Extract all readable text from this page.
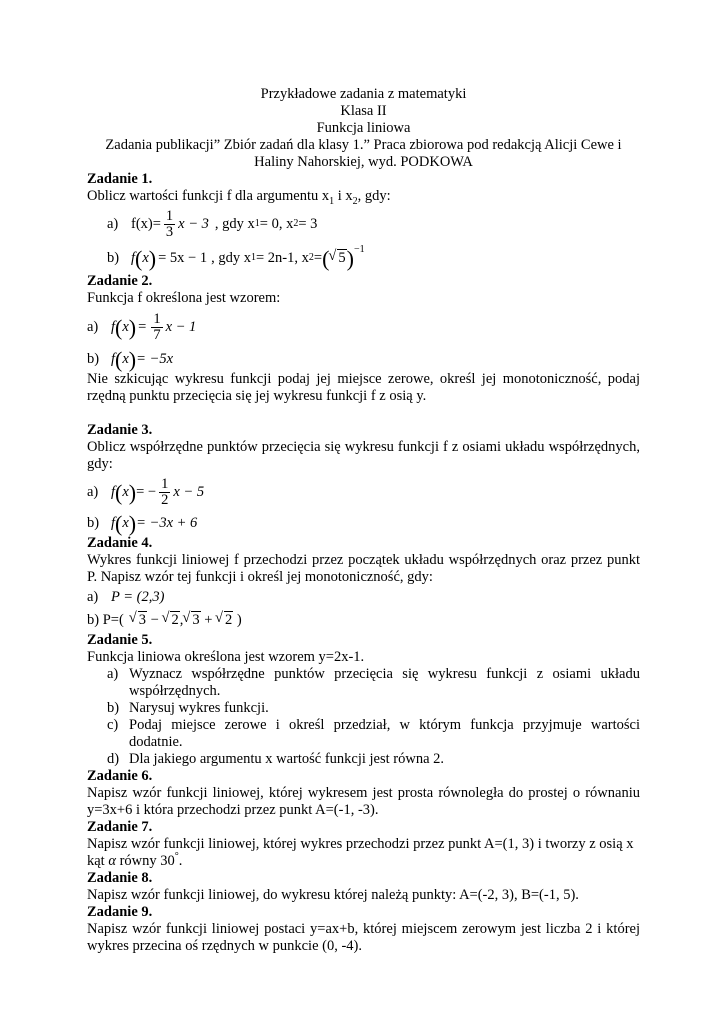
Przykładowe zadania z matematyki
Klasa II
Funkcja liniowa
Zadania publikacji” Zbiór zadań dla klasy 1.” Praca zbiorowa pod redakcją Alicji Cewe i
Haliny Nahorskiej, wyd. PODKOWA
Zadanie 1.
Oblicz wartości funkcji f dla argumentu $x_1$ i $x_2$, gdy:
a) $f(x)= \frac{1}{3}$ x − 3 , gdy x 1 = 0, x 2 = 3
b) f ( x ) = 5x − 1 , gdy x 1 = 2n-1, x 2 = ( √ 5 )$^{-1}$
Zadanie 2.
Funkcja f określona jest wzorem:
a) f ( x ) = $\frac{1}{7}$ x − 1
b) f ( x ) = −5x
Nie szkicując wykresu funkcji podaj jej miejsce zerowe, określ jej monotoniczność, podaj rzędną punktu przecięcia się jej wykresu funkcji f z osią y.
Zadanie 3.
Oblicz współrzędne punktów przecięcia się wykresu funkcji f z osiami układu współrzędnych, gdy:
a) f ( x ) = − $\frac{1}{2}$ x − 5
b) f ( x ) = −3x + 6
Zadanie 4.
Wykres funkcji liniowej f przechodzi przez początek układu współrzędnych oraz przez punkt P. Napisz wzór tej funkcji i określ jej monotoniczność, gdy:
a) P = (2,3)
b) P=(	√ 3 − √ 2 , √ 3 + √ 2 )
Zadanie 5.
Funkcja liniowa określona jest wzorem y=2x-1.
a) Wyznacz współrzędne punktów przecięcia się wykresu funkcji z osiami układu współrzędnych.
b) Narysuj wykres funkcji.
c) Podaj miejsce zerowe i określ przedział, w którym funkcja przyjmuje wartości dodatnie.
d) Dla jakiego argumentu x wartość funkcji jest równa 2.
Zadanie 6.
Napisz wzór funkcji liniowej, której wykresem jest prosta równoległa do prostej o równaniu y=3x+6 i która przechodzi przez punkt A=(-1, -3).
Zadanie 7.
Napisz wzór funkcji liniowej, której wykres przechodzi przez punkt A=(1, 3) i tworzy z osią x
kąt α równy 30°.
Zadanie 8.
Napisz wzór funkcji liniowej, do wykresu której należą punkty: A=(-2, 3), B=(-1, 5).
Zadanie 9.
Napisz wzór funkcji liniowej postaci y=ax+b, której miejscem zerowym jest liczba 2 i której wykres przecina oś rzędnych w punkcie (0, -4).
